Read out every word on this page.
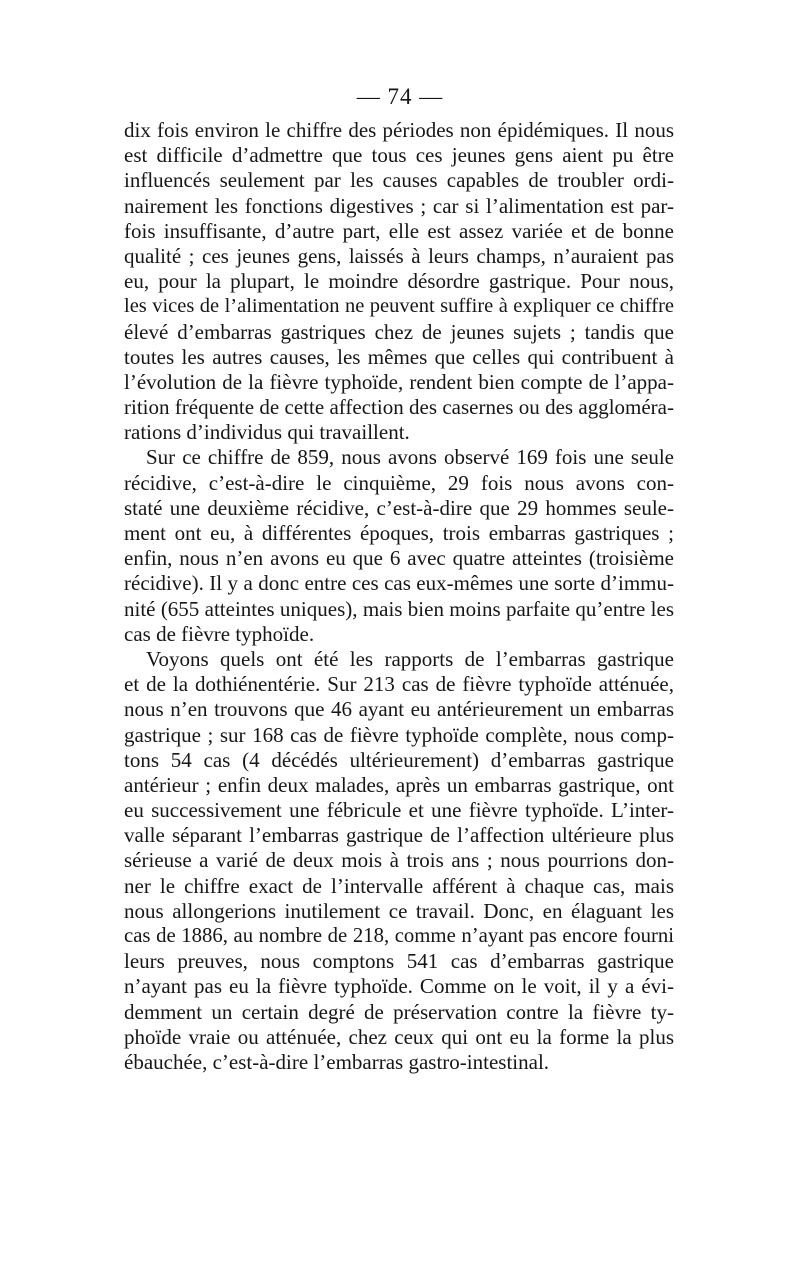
— 74 —
dix fois environ le chiffre des périodes non épidémiques. Il nous
est difficile d’admettre que tous ces jeunes gens aient pu être
influencés seulement par les causes capables de troubler ordi-
nairement les fonctions digestives ; car si l’alimentation est par-
fois insuffisante, d’autre part, elle est assez variée et de bonne
qualité ; ces jeunes gens, laissés à leurs champs, n’auraient pas
eu, pour la plupart, le moindre désordre gastrique. Pour nous,
les vices de l’alimentation ne peuvent suffire à expliquer ce chiffre
élevé d’embarras gastriques chez de jeunes sujets ; tandis que
toutes les autres causes, les mêmes que celles qui contribuent à
l’évolution de la fièvre typhoïde, rendent bien compte de l’appa-
rition fréquente de cette affection des casernes ou des aggloméra-
rations d’individus qui travaillent.
Sur ce chiffre de 859, nous avons observé 169 fois une seule
récidive, c’est-à-dire le cinquième, 29 fois nous avons con-
staté une deuxième récidive, c’est-à-dire que 29 hommes seule-
ment ont eu, à différentes époques, trois embarras gastriques ;
enfin, nous n’en avons eu que 6 avec quatre atteintes (troisième
récidive). Il y a donc entre ces cas eux-mêmes une sorte d’immu-
nité (655 atteintes uniques), mais bien moins parfaite qu’entre les
cas de fièvre typhoïde.
Voyons quels ont été les rapports de l’embarras gastrique
et de la dothiénentérie. Sur 213 cas de fièvre typhoïde atténuée,
nous n’en trouvons que 46 ayant eu antérieurement un embarras
gastrique ; sur 168 cas de fièvre typhoïde complète, nous comp-
tons 54 cas (4 décédés ultérieurement) d’embarras gastrique
antérieur ; enfin deux malades, après un embarras gastrique, ont
eu successivement une fébricule et une fièvre typhoïde. L’inter-
valle séparant l’embarras gastrique de l’affection ultérieure plus
sérieuse a varié de deux mois à trois ans ; nous pourrions don-
ner le chiffre exact de l’intervalle afférent à chaque cas, mais
nous allongerions inutilement ce travail. Donc, en élaguant les
cas de 1886, au nombre de 218, comme n’ayant pas encore fourni
leurs preuves, nous comptons 541 cas d’embarras gastrique
n’ayant pas eu la fièvre typhoïde. Comme on le voit, il y a évi-
demment un certain degré de préservation contre la fièvre ty-
phoïde vraie ou atténuée, chez ceux qui ont eu la forme la plus
ébauchée, c’est-à-dire l’embarras gastro-intestinal.
